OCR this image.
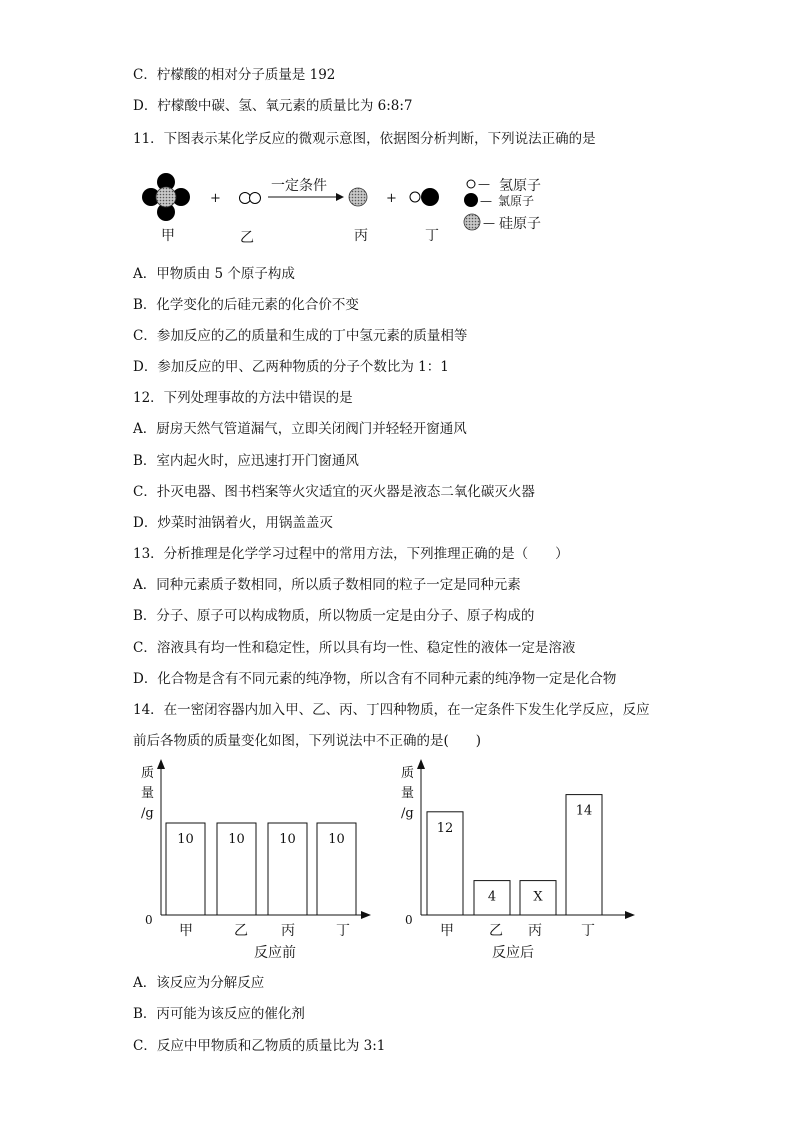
C．柠檬酸的相对分子质量是 192
D．柠檬酸中碳、氢、氧元素的质量比为 6:8:7
11．下图表示某化学反应的微观示意图，依据图分析判断，下列说法正确的是
+
一定条件
+
— 氢原子
— 氯原子
— 硅原子
甲	乙	丙	丁
A．甲物质由 5 个原子构成
B．化学变化的后硅元素的化合价不变
C．参加反应的乙的质量和生成的丁中氢元素的质量相等
D．参加反应的甲、乙两种物质的分子个数比为 1：1
12．下列处理事故的方法中错误的是
A．厨房天然气管道漏气，立即关闭阀门并轻轻开窗通风
B．室内起火时，应迅速打开门窗通风
C．扑灭电器、图书档案等火灾适宜的灭火器是液态二氧化碳灭火器
D．炒菜时油锅着火，用锅盖盖灭
13．分析推理是化学学习过程中的常用方法，下列推理正确的是（　　）
A．同种元素质子数相同，所以质子数相同的粒子一定是同种元素
B．分子、原子可以构成物质，所以物质一定是由分子、原子构成的
C．溶液具有均一性和稳定性，所以具有均一性、稳定性的液体一定是溶液
D．化合物是含有不同元素的纯净物，所以含有不同种元素的纯净物一定是化合物
14．在一密闭容器内加入甲、乙、丙、丁四种物质，在一定条件下发生化学反应，反应
前后各物质的质量变化如图，下列说法中不正确的是(　　)
质
量
/g
0
10	10	10 10
甲	乙 丙	丁
反应前
质
量
/g
0
12
4	X
14
甲	乙 丙	丁
反应后
A．该反应为分解反应
B．丙可能为该反应的催化剂
C．反应中甲物质和乙物质的质量比为 3:1
